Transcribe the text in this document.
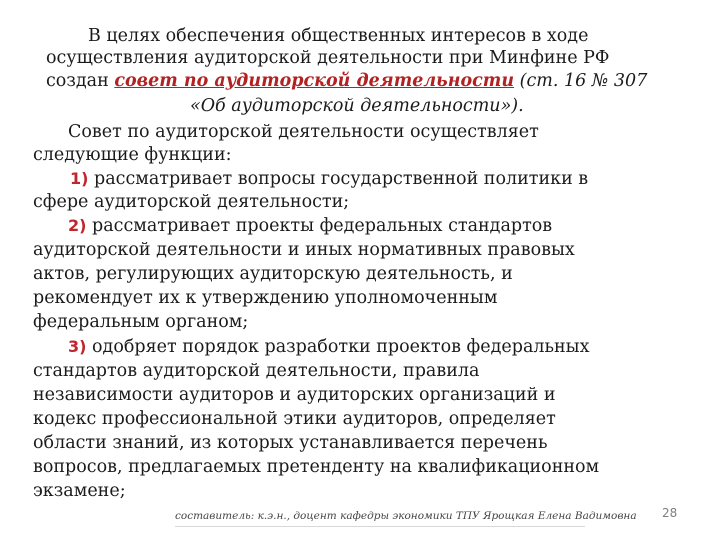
В целях обеспечения общественных интересов в ходе
осуществления аудиторской деятельности при Минфине РФ
создан совет по аудиторской деятельности (ст. 16 № 307
«Об аудиторской деятельности»).
Совет по аудиторской деятельности осуществляет
следующие функции:
1) рассматривает вопросы государственной политики в
сфере аудиторской деятельности;
2) рассматривает проекты федеральных стандартов
аудиторской деятельности и иных нормативных правовых
актов, регулирующих аудиторскую деятельность, и
рекомендует их к утверждению уполномоченным
федеральным органом;
3) одобряет порядок разработки проектов федеральных
стандартов аудиторской деятельности, правила
независимости аудиторов и аудиторских организаций и
кодекс профессиональной этики аудиторов, определяет
области знаний, из которых устанавливается перечень
вопросов, предлагаемых претенденту на квалификационном
экзамене;
составитель: к.э.н., доцент кафедры экономики ТПУ Ярощкая Елена Вадимовна 28
